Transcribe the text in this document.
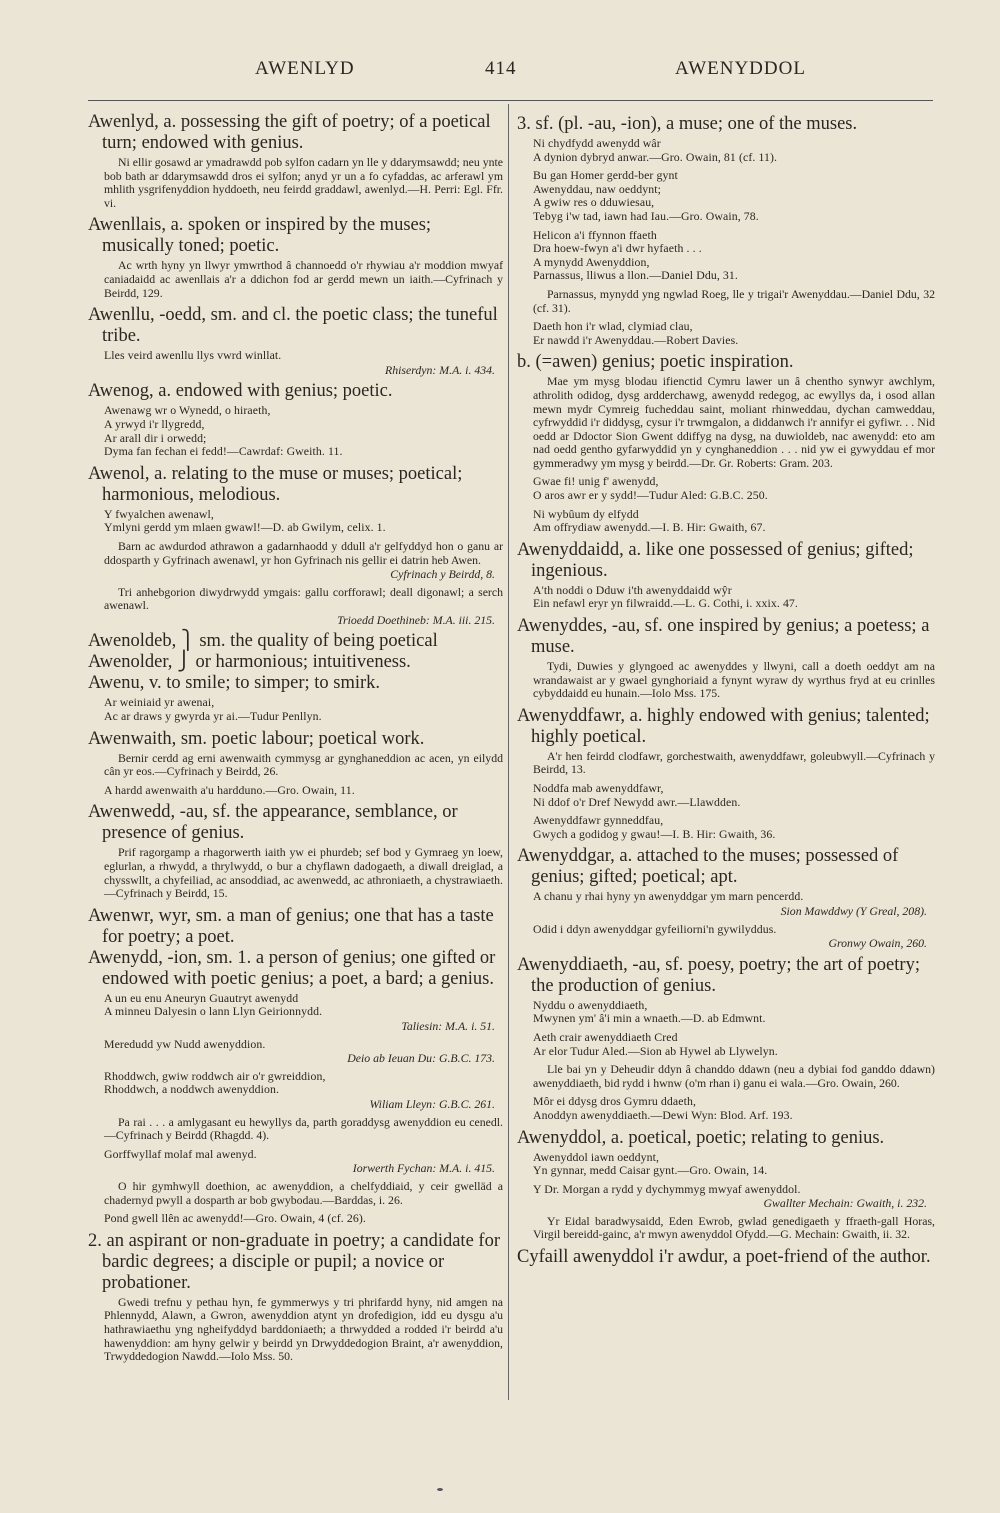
AWENLYD	414	AWENYDDOL
Awenlyd, a. possessing the gift of poetry; of a poetical turn; endowed with genius.
Ni ellir gosawd ar ymadrawdd pob sylfon cadarn yn lle y ddarymsawdd; neu ynte bob bath ar ddarymsawdd dros ei sylfon; anyd yr un a fo cyfaddas, ac arferawl ym mhlith ysgrifenyddion hyddoeth, neu feirdd graddawl, awenlyd.—H. Perri: Egl. Ffr. vi.
Awenllais, a. spoken or inspired by the muses; musically toned; poetic.
Ac wrth hyny yn llwyr ymwrthod â channoedd o'r rhywiau a'r moddion mwyaf caniadaidd ac awenllais a'r a ddichon fod ar gerdd mewn un iaith.—Cyfrinach y Beirdd, 129.
Awenllu, -oedd, sm. and cl. the poetic class; the tuneful tribe.
Lles veird awenllu llys vwrd winllat.
Rhiserdyn: M.A. i. 434.
Awenog, a. endowed with genius; poetic.
Awenawg wr o Wynedd, o hiraeth,
A yrwyd i'r llygredd,
Ar arall dir i orwedd;
Dyma fan fechan ei fedd!—Cawrdaf: Gweith. 11.
Awenol, a. relating to the muse or muses; poetical; harmonious, melodious.
Y fwyalchen awenawl,
Ymlyni gerdd ym mlaen gwawl!—D. ab Gwilym, celix. 1.
Barn ac awdurdod athrawon a gadarnhaodd y ddull a'r gelfyddyd hon o ganu ar ddosparth y Gyfrinach awenawl, yr hon Gyfrinach nis gellir ei datrin heb Awen.
Cyfrinach y Beirdd, 8.
Tri anhebgorion diwydrwydd ymgais: gallu corfforawl; deall digonawl; a serch awenawl.
Trioedd Doethineb: M.A. iii. 215.
Awenoldeb, ⎫ sm. the quality of being poetical
Awenolder, ⎭ or harmonious; intuitiveness.
Awenu, v. to smile; to simper; to smirk.
Ar weiniaid yr awenai,
Ac ar draws y gwyrda yr ai.—Tudur Penllyn.
Awenwaith, sm. poetic labour; poetical work.
Bernir cerdd ag erni awenwaith cymmysg ar gynghaneddion ac acen, yn eilydd cân yr eos.—Cyfrinach y Beirdd, 26.
A hardd awenwaith a'u hardduno.—Gro. Owain, 11.
Awenwedd, -au, sf. the appearance, semblance, or presence of genius.
Prif ragorgamp a rhagorwerth iaith yw ei phurdeb; sef bod y Gymraeg yn loew, eglurlan, a rhwydd, a thrylwydd, o bur a chyflawn dadogaeth, a diwall dreiglad, a chysswllt, a chyfeiliad, ac ansoddiad, ac awenwedd, ac athroniaeth, a chystrawiaeth.—Cyfrinach y Beirdd, 15.
Awenwr, wyr, sm. a man of genius; one that has a taste for poetry; a poet.
Awenydd, -ion, sm. 1. a person of genius; one gifted or endowed with poetic genius; a poet, a bard; a genius.
A un eu enu Aneuryn Guautryt awenydd
A minneu Dalyesin o lann Llyn Geirionnydd.
Taliesin: M.A. i. 51.
Meredudd yw Nudd awenyddion.
Deio ab Ieuan Du: G.B.C. 173.
Rhoddwch, gwiw roddwch air o'r gwreiddion,
Rhoddwch, a noddwch awenyddion.
Wiliam Lleyn: G.B.C. 261.
Pa rai . . . a amlygasant eu hewyllys da, parth goraddysg awenyddion eu cenedl.—Cyfrinach y Beirdd (Rhagdd. 4).
Gorffwyllaf molaf mal awenyd.
Iorwerth Fychan: M.A. i. 415.
O hir gymhwyll doethion, ac awenyddion, a chelfyddiaid, y ceir gwelläd a chadernyd pwyll a dosparth ar bob gwybodau.—Barddas, i. 26.
Pond gwell llên ac awenydd!—Gro. Owain, 4 (cf. 26).
2. an aspirant or non-graduate in poetry; a candidate for bardic degrees; a disciple or pupil; a novice or probationer.
Gwedi trefnu y pethau hyn, fe gymmerwys y tri phrifardd hyny, nid amgen na Phlennydd, Alawn, a Gwron, awenyddion atynt yn drofedigion, idd eu dysgu a'u hathrawiaethu yng ngheifyddyd barddoniaeth; a thrwydded a rodded i'r beirdd a'u hawenyddion: am hyny gelwir y beirdd yn Drwyddedogion Braint, a'r awenyddion, Trwyddedogion Nawdd.—Iolo Mss. 50.
3. sf. (pl. -au, -ion), a muse; one of the muses.
Ni chydfydd awenydd wâr
A dynion dybryd anwar.—Gro. Owain, 81 (cf. 11).
Bu gan Homer gerdd-ber gynt
Awenyddau, naw oeddynt;
A gwiw res o dduwiesau,
Tebyg i'w tad, iawn had Iau.—Gro. Owain, 78.
Helicon a'i ffynnon ffaeth
Dra hoew-fwyn a'i dwr hyfaeth . . .
A mynydd Awenyddion,
Parnassus, lliwus a llon.—Daniel Ddu, 31.
Parnassus, mynydd yng ngwlad Roeg, lle y trigai'r Awenyddau.—Daniel Ddu, 32 (cf. 31).
Daeth hon i'r wlad, clymiad clau,
Er nawdd i'r Awenyddau.—Robert Davies.
b. (=awen) genius; poetic inspiration.
Mae ym mysg blodau ifienctid Cymru lawer un â chentho synwyr awchlym, athrolith odidog, dysg ardderchawg, awenydd redegog, ac ewyllys da, i osod allan mewn mydr Cymreig fucheddau saint, moliant rhinweddau, dychan camweddau, cyfrwyddid i'r diddysg, cysur i'r trwmgalon, a diddanwch i'r annifyr ei gyfiwr. . . Nid oedd ar Ddoctor Sion Gwent ddiffyg na dysg, na duwioldeb, nac awenydd: eto am nad oedd gentho gyfarwyddid yn y cynghaneddion . . . nid yw ei gywyddau ef mor gymmeradwy ym mysg y beirdd.—Dr. Gr. Roberts: Gram. 203.
Gwae fi! unig f' awenydd,
O aros awr er y sydd!—Tudur Aled: G.B.C. 250.
Ni wybûum dy elfydd
Am offrydiaw awenydd.—I. B. Hir: Gwaith, 67.
Awenyddaidd, a. like one possessed of genius; gifted; ingenious.
A'th noddi o Dduw i'th awenyddaidd wŷr
Ein nefawl eryr yn filwraidd.—L. G. Cothi, i. xxix. 47.
Awenyddes, -au, sf. one inspired by genius; a poetess; a muse.
Tydi, Duwies y glyngoed ac awenyddes y llwyni, call a doeth oeddyt am na wrandawaist ar y gwael gynghoriaid a fynynt wyraw dy wyrthus fryd at eu crinlles cybyddaidd eu hunain.—Iolo Mss. 175.
Awenyddfawr, a. highly endowed with genius; talented; highly poetical.
A'r hen feirdd clodfawr, gorchestwaith, awenyddfawr, goleubwyll.—Cyfrinach y Beirdd, 13.
Noddfa mab awenyddfawr,
Ni ddof o'r Dref Newydd awr.—Llawdden.
Awenyddfawr gynneddfau,
Gwych a godidog y gwau!—I. B. Hir: Gwaith, 36.
Awenyddgar, a. attached to the muses; possessed of genius; gifted; poetical; apt.
A chanu y rhai hyny yn awenyddgar ym marn pencerdd.
Sion Mawddwy (Y Greal, 208).
Odid i ddyn awenyddgar gyfeiliorni'n gywilyddus.
Gronwy Owain, 260.
Awenyddiaeth, -au, sf. poesy, poetry; the art of poetry; the production of genius.
Nyddu o awenyddiaeth,
Mwynen ym' â'i min a wnaeth.—D. ab Edmwnt.
Aeth crair awenyddiaeth Cred
Ar elor Tudur Aled.—Sion ab Hywel ab Llywelyn.
Lle bai yn y Deheudir ddyn â chanddo ddawn (neu a dybiai fod ganddo ddawn) awenyddiaeth, bid rydd i hwnw (o'm rhan i) ganu ei wala.—Gro. Owain, 260.
Môr ei ddysg dros Gymru ddaeth,
Anoddyn awenyddiaeth.—Dewi Wyn: Blod. Arf. 193.
Awenyddol, a. poetical, poetic; relating to genius.
Awenyddol iawn oeddynt,
Yn gynnar, medd Caisar gynt.—Gro. Owain, 14.
Y Dr. Morgan a rydd y dychymmyg mwyaf awenyddol.
Gwallter Mechain: Gwaith, i. 232.
Yr Eidal baradwysaidd, Eden Ewrob, gwlad genedigaeth y ffraeth-gall Horas, Virgil bereidd-gainc, a'r mwyn awenyddol Ofydd.—G. Mechain: Gwaith, ii. 32.
Cyfaill awenyddol i'r awdur, a poet-friend of the author.
